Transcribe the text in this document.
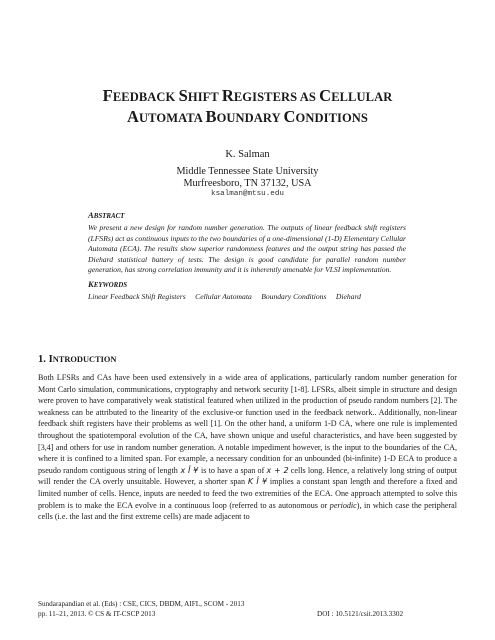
FEEDBACK SHIFT REGISTERS AS CELLULAR
AUTOMATA BOUNDARY CONDITIONS
K. Salman
Middle Tennessee State University
Murfreesboro, TN 37132, USA
ksalman@mtsu.edu
ABSTRACT
We present a new design for random number generation. The outputs of linear feedback shift registers (LFSRs) act as continuous inputs to the two boundaries of a one-dimensional (1-D) Elementary Cellular Automata (ECA). The results show superior randomness features and the output string has passed the Diehard statistical battery of tests. The design is good candidate for parallel random number generation, has strong correlation immunity and it is inherently amenable for VLSI implementation.
KEYWORDS
Linear Feedback Shift Registers     Cellular Automata     Boundary Conditions     Diehard
1. INTRODUCTION

Both LFSRs and CAs have been used extensively in a wide area of applications, particularly random number generation for Mont Carlo simulation, communications, cryptography and network security [1-8]. LFSRs, albeit simple in structure and design were proven to have comparatively weak statistical featured when utilized in the production of pseudo random numbers [2]. The weakness can be attributed to the linearity of the exclusive-or function used in the feedback network.. Additionally, non-linear feedback shift registers have their problems as well [1]. On the other hand, a uniform 1-D CA, where one rule is implemented throughout the spatiotemporal evolution of the CA, have shown unique and useful characteristics, and have been suggested by [3,4] and others for use in random number generation. A notable impediment however, is the input to the boundaries of the CA, where it is confined to a limited span. For example, a necessary condition for an unbounded (bi-infinite) 1-D ECA to produce a pseudo random contiguous string of length x Î ¥ is to have a span of x + 2 cells long. Hence, a relatively long string of output will render the CA overly unsuitable. However, a shorter span K Î ¥ implies a constant span length and therefore a fixed and limited number of cells. Hence, inputs are needed to feed the two extremities of the ECA. One approach attempted to solve this problem is to make the ECA evolve in a continuous loop (referred to as autonomous or periodic), in which case the peripheral cells (i.e. the last and the first extreme cells) are made adjacent to

Sundarapandian et al. (Eds) : CSE, CICS, DBDM, AIFL, SCOM - 2013
pp. 11–21, 2013. © CS & IT-CSCP 2013	DOI : 10.5121/csit.2013.3302
